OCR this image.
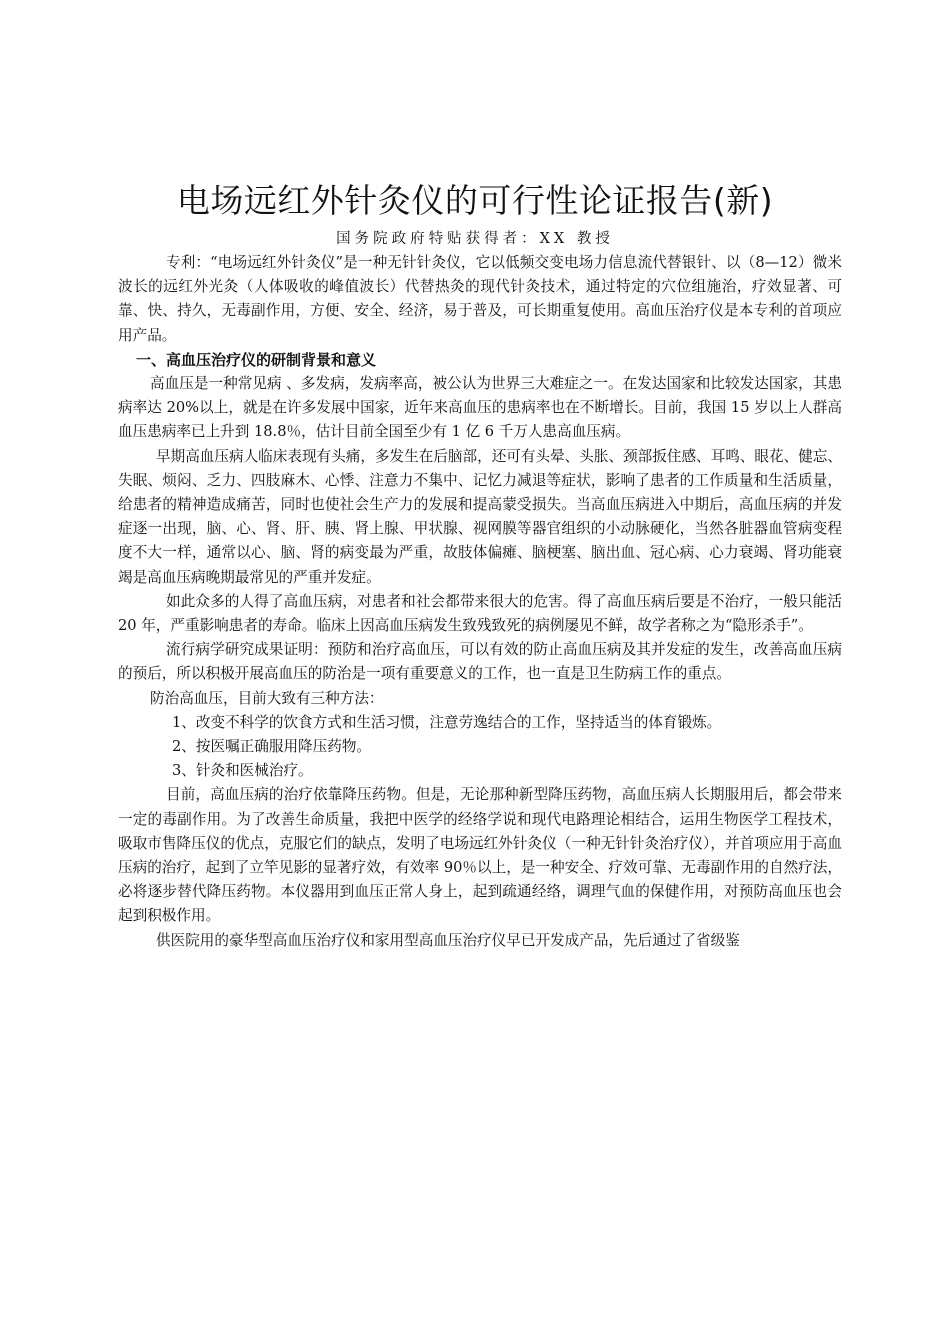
电场远红外针灸仪的可行性论证报告(新)
国务院政府特贴获得者：XX 教授

专利：“电场远红外针灸仪”是一种无针针灸仪，它以低频交变电场力信息流代替银针、以（8—12）微米波长的远红外光灸（人体吸收的峰值波长）代替热灸的现代针灸技术，通过特定的穴位组施治，疗效显著、可靠、快、持久，无毒副作用，方便、安全、经济，易于普及，可长期重复使用。高血压治疗仪是本专利的首项应用产品。

一、高血压治疗仪的研制背景和意义

高血压是一种常见病 、多发病，发病率高，被公认为世界三大难症之一。在发达国家和比较发达国家，其患病率达 20%以上，就是在许多发展中国家，近年来高血压的患病率也在不断增长。目前，我国 15 岁以上人群高血压患病率已上升到 18.8％，估计目前全国至少有 1 亿 6 千万人患高血压病。

早期高血压病人临床表现有头痛，多发生在后脑部，还可有头晕、头胀、颈部扳住感、耳鸣、眼花、健忘、失眠、烦闷、乏力、四肢麻木、心悸、注意力不集中、记忆力减退等症状，影响了患者的工作质量和生活质量，给患者的精神造成痛苦，同时也使社会生产力的发展和提高蒙受损失。当高血压病进入中期后，高血压病的并发症逐一出现，脑、心、肾、肝、胰、肾上腺、甲状腺、视网膜等器官组织的小动脉硬化，当然各脏器血管病变程度不大一样，通常以心、脑、肾的病变最为严重，故肢体偏瘫、脑梗塞、脑出血、冠心病、心力衰竭、肾功能衰竭是高血压病晚期最常见的严重并发症。

如此众多的人得了高血压病，对患者和社会都带来很大的危害。得了高血压病后要是不治疗，一般只能活 20 年，严重影响患者的寿命。临床上因高血压病发生致残致死的病例屡见不鲜，故学者称之为“隐形杀手”。

流行病学研究成果证明：预防和治疗高血压，可以有效的防止高血压病及其并发症的发生，改善高血压病的预后，所以积极开展高血压的防治是一项有重要意义的工作，也一直是卫生防病工作的重点。

防治高血压，目前大致有三种方法：

1、改变不科学的饮食方式和生活习惯，注意劳逸结合的工作，坚持适当的体育锻炼。

2、按医嘱正确服用降压药物。

3、针灸和医械治疗。

目前，高血压病的治疗依靠降压药物。但是，无论那种新型降压药物，高血压病人长期服用后，都会带来一定的毒副作用。为了改善生命质量，我把中医学的经络学说和现代电路理论相结合，运用生物医学工程技术，吸取市售降压仪的优点，克服它们的缺点，发明了电场远红外针灸仪（一种无针针灸治疗仪），并首项应用于高血压病的治疗，起到了立竿见影的显著疗效，有效率 90％以上，是一种安全、疗效可靠、无毒副作用的自然疗法，必将逐步替代降压药物。本仪器用到血压正常人身上，起到疏通经络，调理气血的保健作用，对预防高血压也会起到积极作用。

供医院用的豪华型高血压治疗仪和家用型高血压治疗仪早已开发成产品，先后通过了省级鉴
